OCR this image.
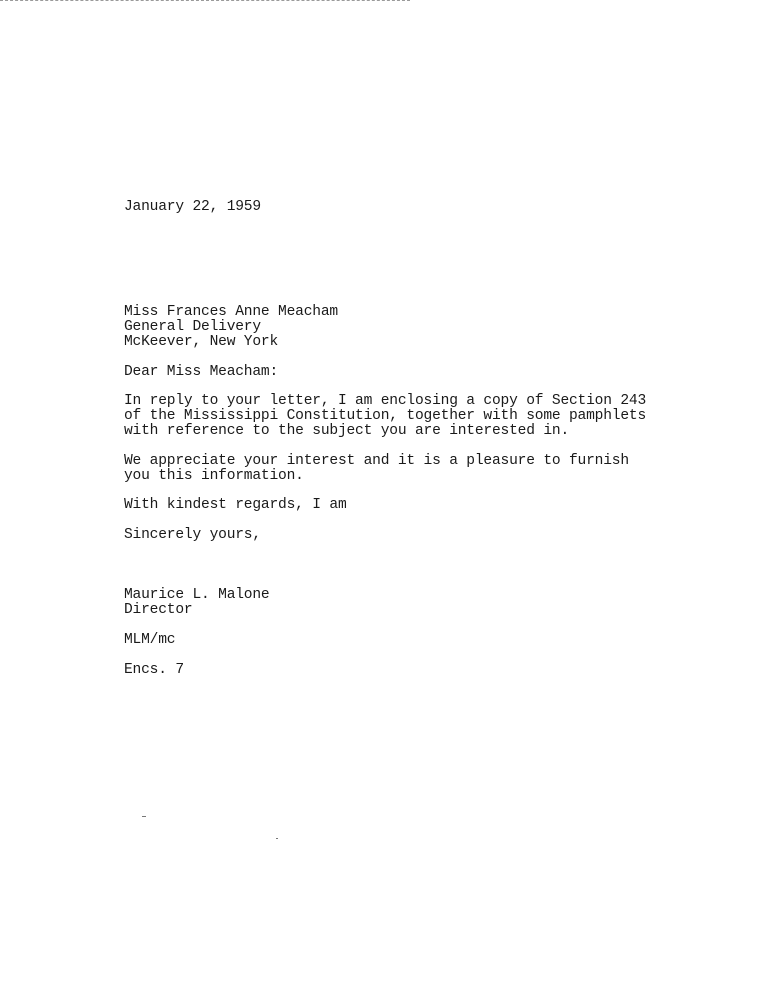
January 22, 1959
Miss Frances Anne Meacham
General Delivery
McKeever, New York
Dear Miss Meacham:
In reply to your letter, I am enclosing a copy of Section 243
of the Mississippi Constitution, together with some pamphlets
with reference to the subject you are interested in.
We appreciate your interest and it is a pleasure to furnish
you this information.
With kindest regards, I am
Sincerely yours,
Maurice L. Malone
Director
MLM/mc
Encs. 7
